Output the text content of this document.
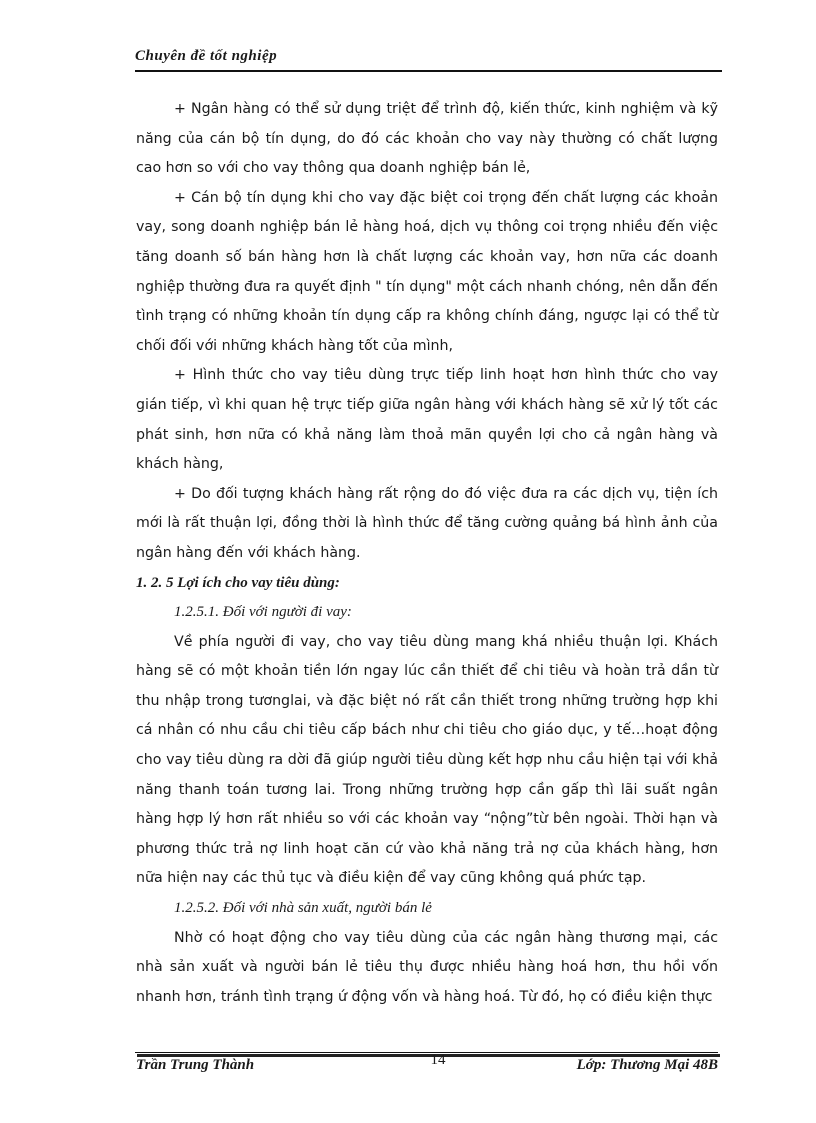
Chuyên đề tốt nghiệp

+ Ngân hàng có thể sử dụng triệt để trình độ, kiến thức, kinh nghiệm và kỹ năng của cán bộ tín dụng, do đó các khoản cho vay này thường có chất lượng cao hơn so với cho vay thông qua doanh nghiệp bán lẻ,

+ Cán bộ tín dụng khi cho vay đặc biệt coi trọng đến chất lượng các khoản vay, song doanh nghiệp bán lẻ hàng hoá, dịch vụ thông coi trọng nhiều đến việc tăng doanh số bán hàng hơn là chất lượng các khoản vay, hơn nữa các doanh nghiệp thường đưa ra quyết định " tín dụng" một cách nhanh chóng, nên dẫn đến tình trạng có những khoản tín dụng cấp ra không chính đáng, ngược lại có thể từ chối đối với những khách hàng tốt của mình,

+ Hình thức cho vay tiêu dùng trực tiếp linh hoạt hơn hình thức cho vay gián tiếp, vì khi quan hệ trực tiếp giữa ngân hàng với khách hàng sẽ xử lý tốt các phát sinh, hơn nữa có khả năng làm thoả mãn quyền lợi cho cả ngân hàng và khách hàng,

+ Do đối tượng khách hàng rất rộng do đó việc đưa ra các dịch vụ, tiện ích mới là rất thuận lợi, đồng thời là hình thức để tăng cường quảng bá hình ảnh của ngân hàng đến với khách hàng.

1. 2. 5 Lợi ích cho vay tiêu dùng:

1.2.5.1. Đối với người đi vay:

Về phía người đi vay, cho vay tiêu dùng mang khá nhiều thuận lợi. Khách hàng sẽ có một khoản tiền lớn ngay lúc cần thiết để chi tiêu và hoàn trả dần từ thu nhập trong tươnglai, và đặc biệt nó rất cần thiết trong những trường hợp khi cá nhân có nhu cầu chi tiêu cấp bách như chi tiêu cho giáo dục, y tế…hoạt động cho vay tiêu dùng ra dời đã giúp người tiêu dùng kết hợp nhu cầu hiện tại với khả năng thanh toán tương lai. Trong những trường hợp cần gấp thì lãi suất ngân hàng hợp lý hơn rất nhiều so với các khoản vay “nộng”từ bên ngoài. Thời hạn và phương thức trả nợ linh hoạt căn cứ vào khả năng trả nợ của khách hàng, hơn nữa hiện nay các thủ tục và điều kiện để vay cũng không quá phức tạp.

1.2.5.2. Đối với nhà sản xuất, người bán lẻ

Nhờ có hoạt động cho vay tiêu dùng của các ngân hàng thương mại, các nhà sản xuất và người bán lẻ tiêu thụ được nhiều hàng hoá hơn, thu hồi vốn nhanh hơn, tránh tình trạng ứ động vốn và hàng hoá. Từ đó, họ có điều kiện thực

Trần Trung Thành	14	Lớp: Thương Mại 48B
